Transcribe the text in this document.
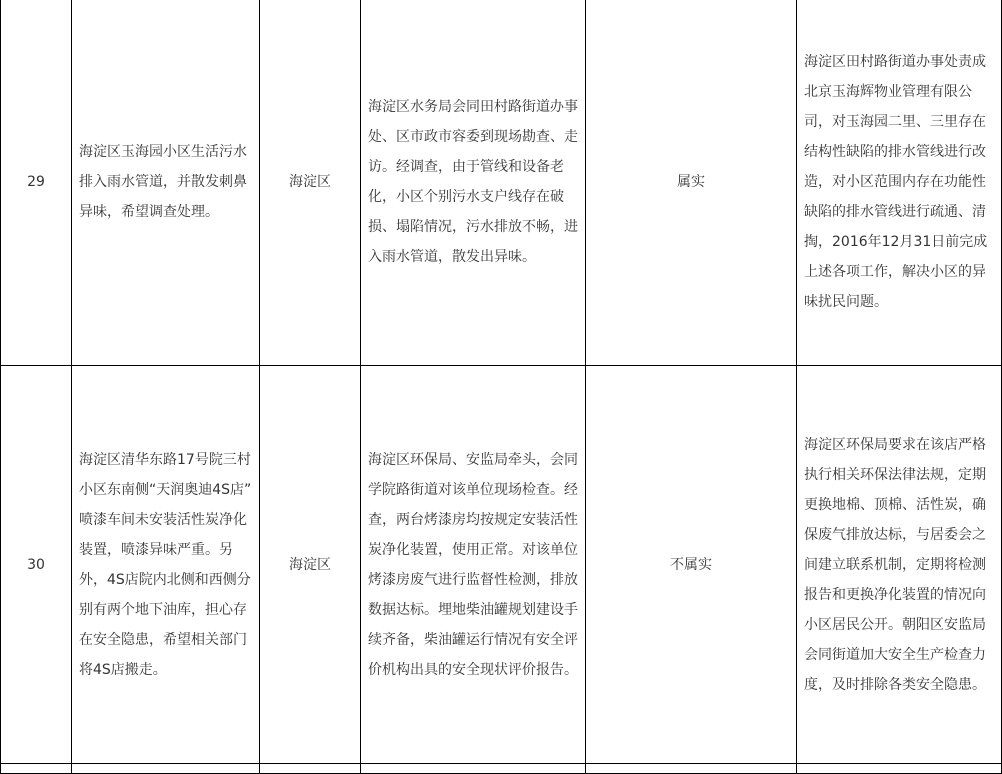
29	海淀区玉海园小区生活污水排入雨水管道，并散发刺鼻异味，希望调查处理。	海淀区	海淀区水务局会同田村路街道办事处、区市政市容委到现场勘查、走访。经调查，由于管线和设备老化，小区个别污水支户线存在破损、塌陷情况，污水排放不畅，进入雨水管道，散发出异味。	属实	海淀区田村路街道办事处责成北京玉海辉物业管理有限公司，对玉海园二里、三里存在结构性缺陷的排水管线进行改造，对小区范围内存在功能性缺陷的排水管线进行疏通、清掏，2016年12月31日前完成上述各项工作，解决小区的异味扰民问题。

30	海淀区清华东路17号院三村小区东南侧“天润奥迪4S店” 喷漆车间未安装活性炭净化装置，喷漆异味严重。另外，4S店院内北侧和西侧分别有两个地下油库，担心存在安全隐患，希望相关部门将4S店搬走。	海淀区	海淀区环保局、安监局牵头，会同学院路街道对该单位现场检查。经查，两台烤漆房均按规定安装活性炭净化装置，使用正常。对该单位烤漆房废气进行监督性检测，排放数据达标。埋地柴油罐规划建设手续齐备，柴油罐运行情况有安全评价机构出具的安全现状评价报告。	不属实	海淀区环保局要求在该店严格执行相关环保法律法规，定期更换地棉、顶棉、活性炭，确保废气排放达标，与居委会之间建立联系机制，定期将检测报告和更换净化装置的情况向小区居民公开。朝阳区安监局会同街道加大安全生产检查力度，及时排除各类安全隐患。
